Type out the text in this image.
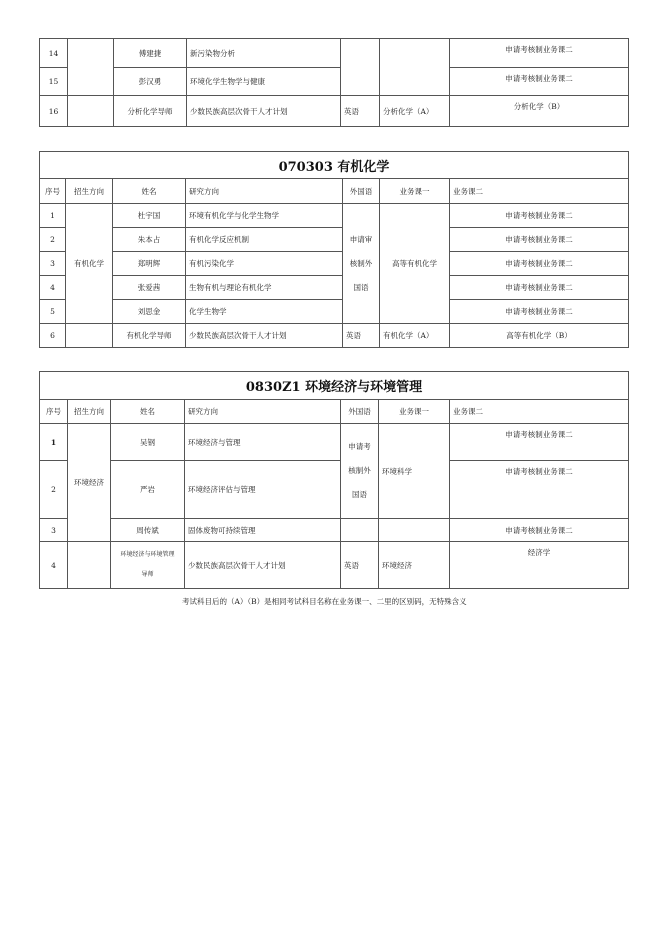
14		傅建捷	新污染物分析			申请考核制业务课二
15		彭汉勇	环境化学生物学与健康			申请考核制业务课二
16		分析化学导师	少数民族高层次骨干人才计划	英语	分析化学（A）	分析化学（B）
070303 有机化学						
序号	招生方向	姓名	研究方向	外国语	业务课一	业务课二
1	有机化学	杜宇国	环境有机化学与化学生物学	申请审
核制外
国语	高等有机化学	申请考核制业务课二
2		朱本占	有机化学反应机制			申请考核制业务课二
3		郑明辉	有机污染化学			申请考核制业务课二
4		张爱茜	生物有机与理论有机化学			申请考核制业务课二
5		刘思金	化学生物学			申请考核制业务课二
6		有机化学导师	少数民族高层次骨干人才计划	英语	有机化学（A）	高等有机化学（B）
0830Z1 环境经济与环境管理						
序号	招生方向	姓名	研究方向	外国语	业务课一	业务课二
1	环境经济	吴钢	环境经济与管理	申请考
核制外
国语	环境科学	申请考核制业务课二
2		严岩	环境经济评估与管理			申请考核制业务课二
3		周传斌	固体废物可持续管理			申请考核制业务课二
4		环境经济与环境管理
导师	少数民族高层次骨干人才计划	英语	环境经济	经济学
考试科目后的（A）（B）是相同考试科目名称在业务课一、二里的区别码，无特殊含义
